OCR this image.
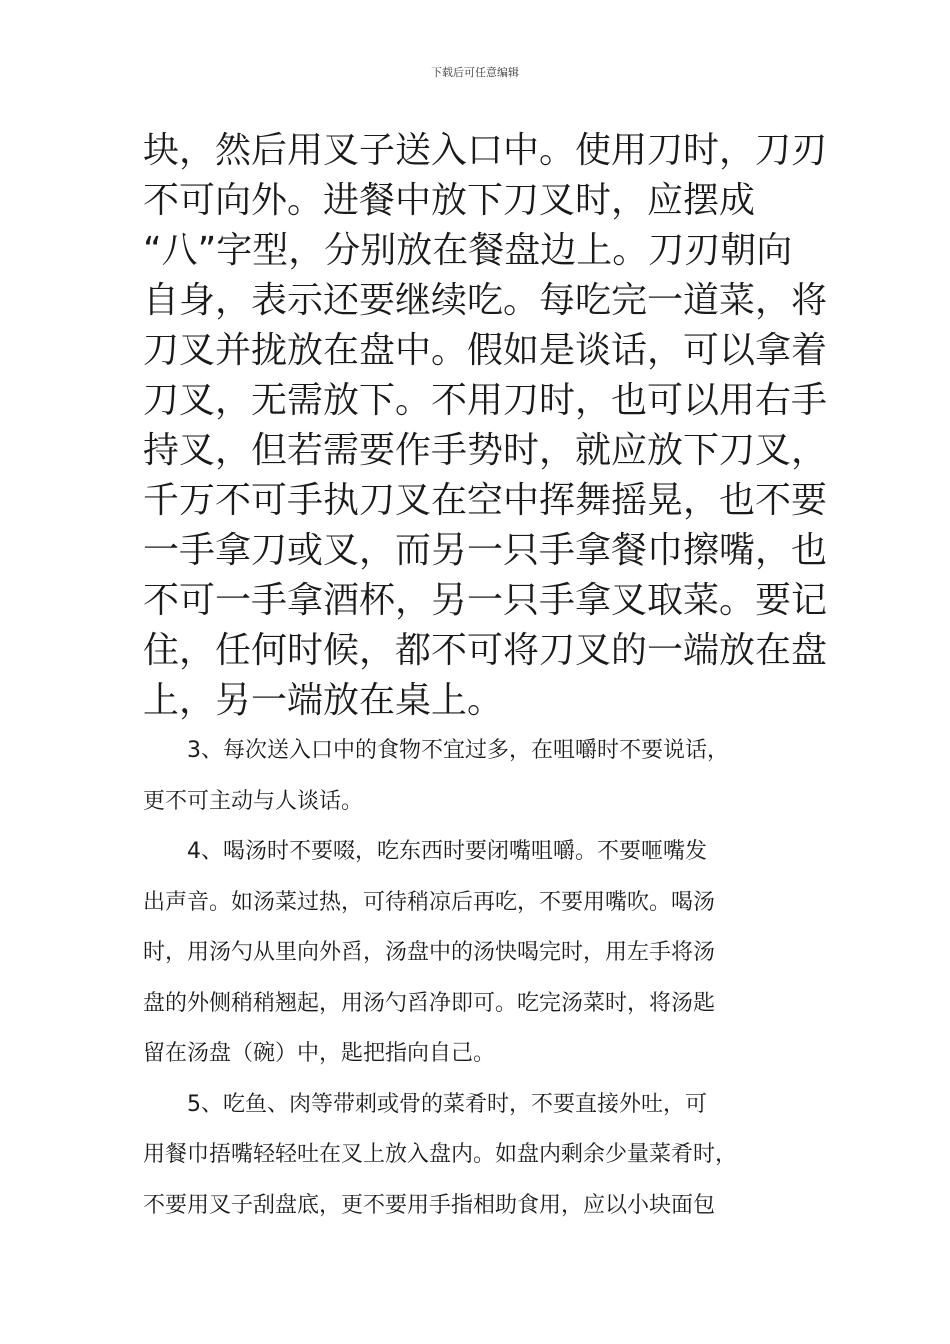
下载后可任意编辑
块，然后用叉子送入口中。使用刀时，刀刃
不可向外。进餐中放下刀叉时，应摆成
“八”字型，分别放在餐盘边上。刀刃朝向
自身，表示还要继续吃。每吃完一道菜，将
刀叉并拢放在盘中。假如是谈话，可以拿着
刀叉，无需放下。不用刀时，也可以用右手
持叉，但若需要作手势时，就应放下刀叉，
千万不可手执刀叉在空中挥舞摇晃，也不要
一手拿刀或叉，而另一只手拿餐巾擦嘴，也
不可一手拿酒杯，另一只手拿叉取菜。要记
住，任何时候，都不可将刀叉的一端放在盘
上，另一端放在桌上。
3、每次送入口中的食物不宜过多，在咀嚼时不要说话，
更不可主动与人谈话。
4、喝汤时不要啜，吃东西时要闭嘴咀嚼。不要咂嘴发
出声音。如汤菜过热，可待稍凉后再吃，不要用嘴吹。喝汤
时，用汤勺从里向外舀，汤盘中的汤快喝完时，用左手将汤
盘的外侧稍稍翘起，用汤勺舀净即可。吃完汤菜时，将汤匙
留在汤盘（碗）中，匙把指向自己。
5、吃鱼、肉等带刺或骨的菜肴时，不要直接外吐，可
用餐巾捂嘴轻轻吐在叉上放入盘内。如盘内剩余少量菜肴时，
不要用叉子刮盘底，更不要用手指相助食用，应以小块面包
